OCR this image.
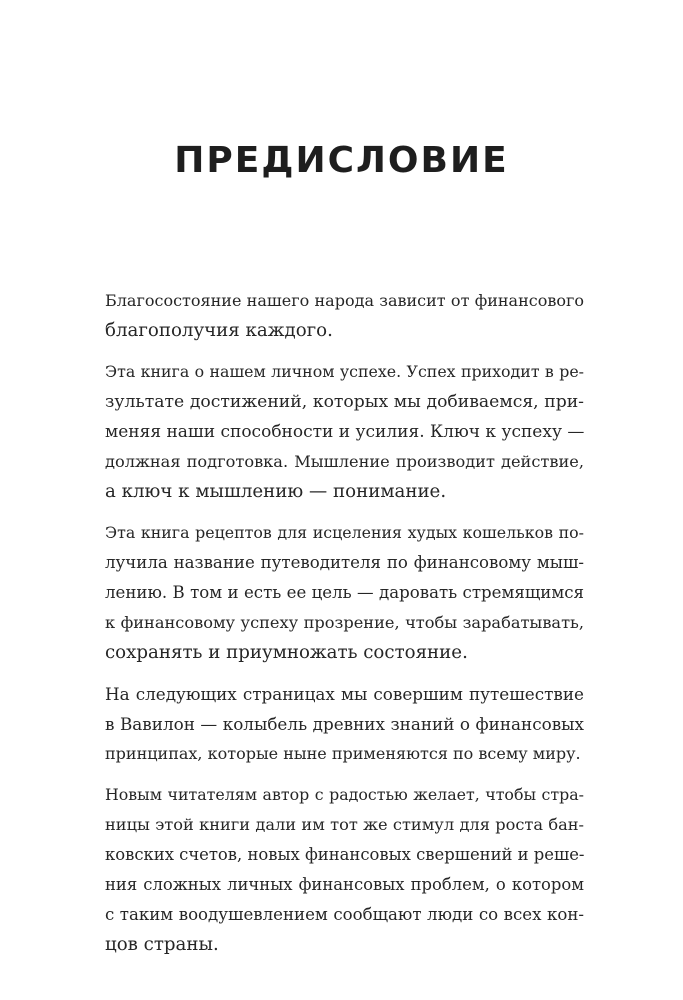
ПРЕДИСЛОВИЕ

Благосостояние нашего народа зависит от финансового
благополучия каждого.

Эта книга о нашем личном успехе. Успех приходит в ре-
зультате достижений, которых мы добиваемся, при-
меняя наши способности и усилия. Ключ к успеху —
должная подготовка. Мышление производит действие,
а ключ к мышлению — понимание.

Эта книга рецептов для исцеления худых кошельков по-
лучила название путеводителя по финансовому мыш-
лению. В том и есть ее цель — даровать стремящимся
к финансовому успеху прозрение, чтобы зарабатывать,
сохранять и приумножать состояние.

На следующих страницах мы совершим путешествие
в Вавилон — колыбель древних знаний о финансовых
принципах, которые ныне применяются по всему миру.

Новым читателям автор с радостью желает, чтобы стра-
ницы этой книги дали им тот же стимул для роста бан-
ковских счетов, новых финансовых свершений и реше-
ния сложных личных финансовых проблем, о котором
с таким воодушевлением сообщают люди со всех кон-
цов страны.
